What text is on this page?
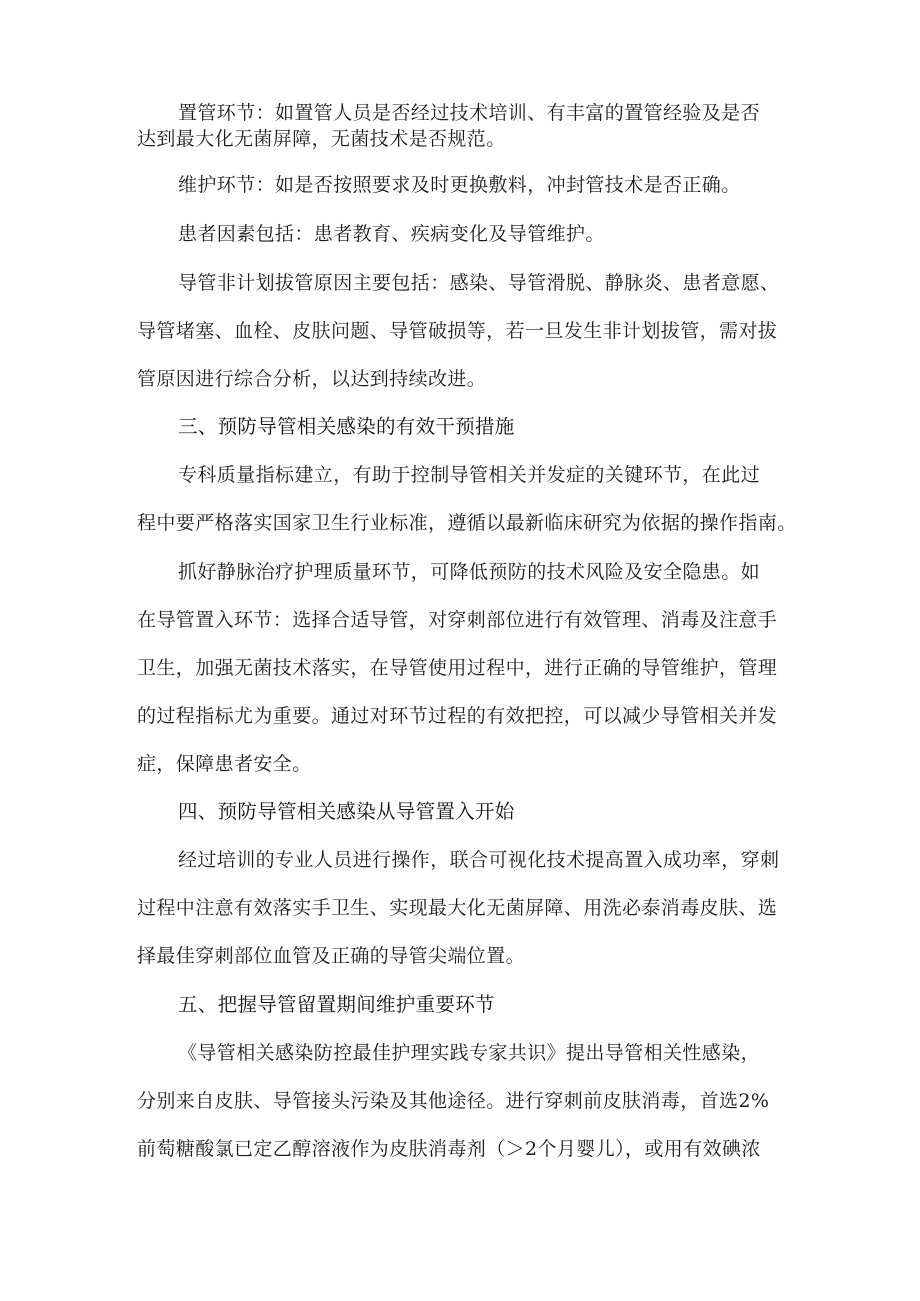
置管环节：如置管人员是否经过技术培训、有丰富的置管经验及是否
达到最大化无菌屏障，无菌技术是否规范。
维护环节：如是否按照要求及时更换敷料，冲封管技术是否正确。
患者因素包括：患者教育、疾病变化及导管维护。
导管非计划拔管原因主要包括：感染、导管滑脱、静脉炎、患者意愿、
导管堵塞、血栓、皮肤问题、导管破损等，若一旦发生非计划拔管，需对拔
管原因进行综合分析，以达到持续改进。
三、预防导管相关感染的有效干预措施
专科质量指标建立，有助于控制导管相关并发症的关键环节，在此过
程中要严格落实国家卫生行业标准，遵循以最新临床研究为依据的操作指南。
抓好静脉治疗护理质量环节，可降低预防的技术风险及安全隐患。如
在导管置入环节：选择合适导管，对穿刺部位进行有效管理、消毒及注意手
卫生，加强无菌技术落实，在导管使用过程中，进行正确的导管维护，管理
的过程指标尤为重要。通过对环节过程的有效把控，可以减少导管相关并发
症，保障患者安全。
四、预防导管相关感染从导管置入开始
经过培训的专业人员进行操作，联合可视化技术提高置入成功率，穿刺
过程中注意有效落实手卫生、实现最大化无菌屏障、用洗必泰消毒皮肤、选
择最佳穿刺部位血管及正确的导管尖端位置。
五、把握导管留置期间维护重要环节
《导管相关感染防控最佳护理实践专家共识》提出导管相关性感染，
分别来自皮肤、导管接头污染及其他途径。进行穿刺前皮肤消毒，首选2%
前萄糖酸氯已定乙醇溶液作为皮肤消毒剂（＞2个月婴儿），或用有效碘浓
